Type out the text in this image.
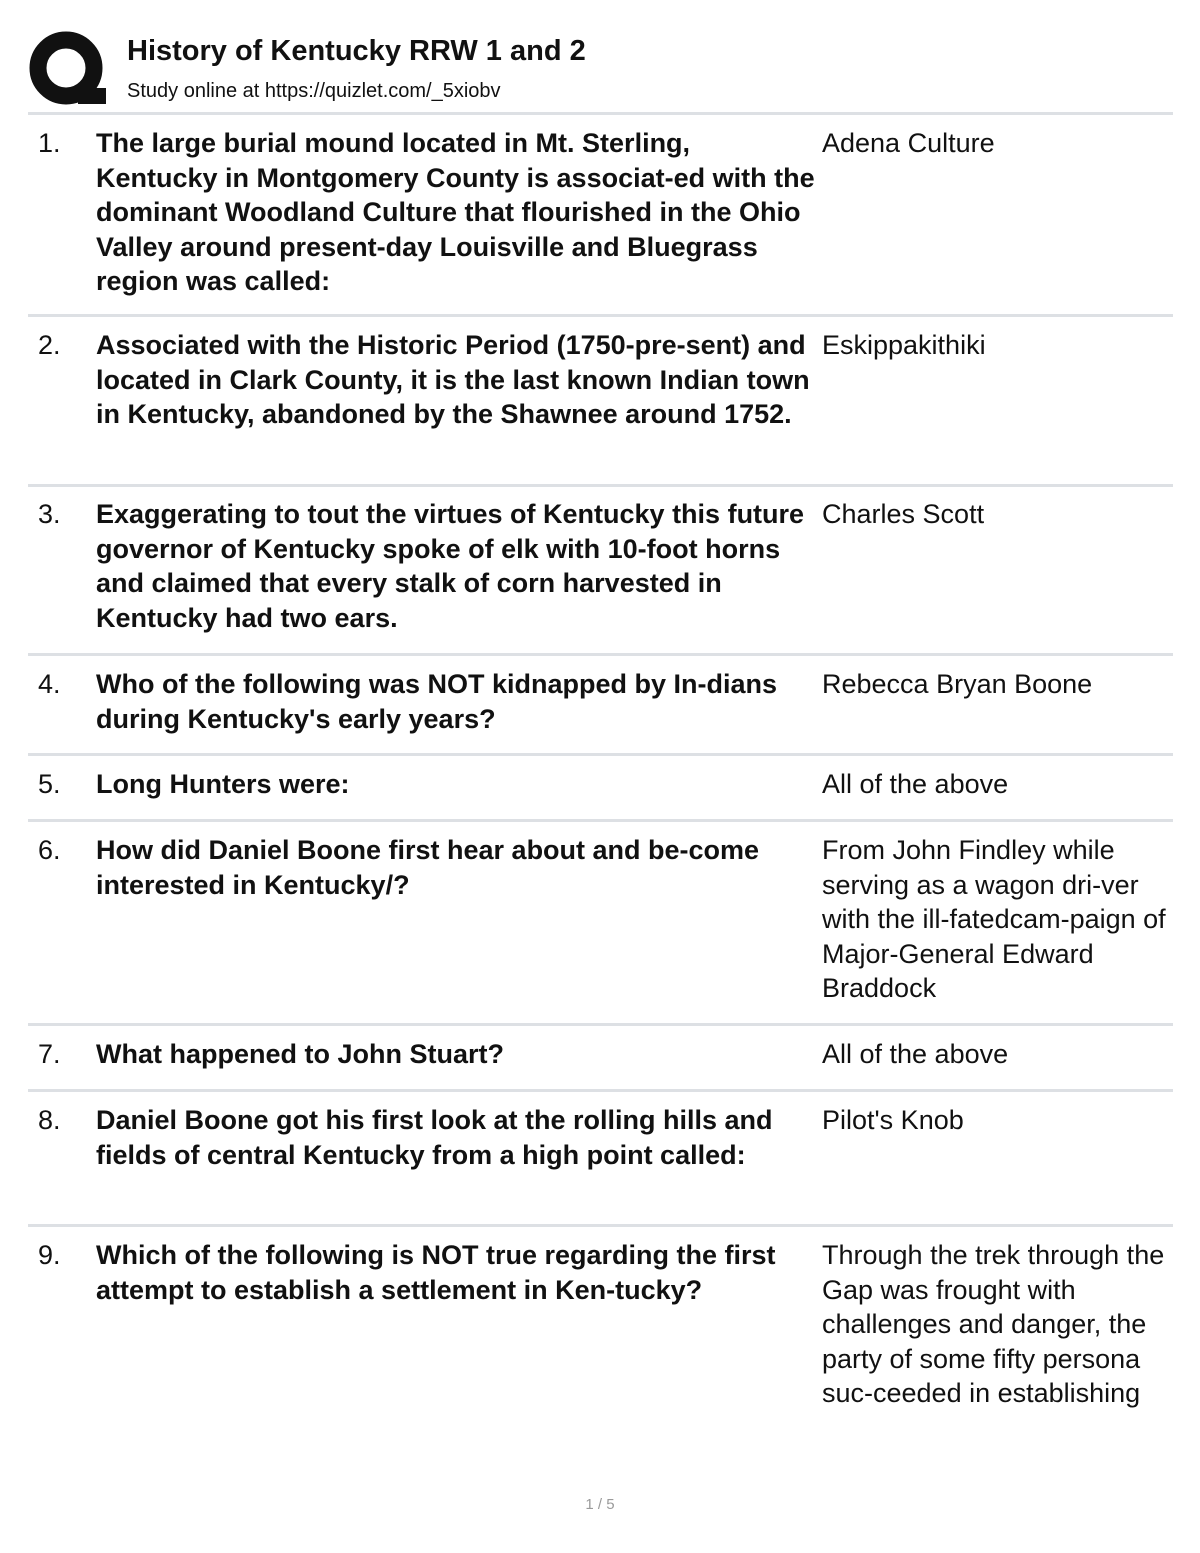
History of Kentucky RRW 1 and 2
Study online at https://quizlet.com/_5xiobv
1. The large burial mound located in Mt. Sterling, Kentucky in Montgomery County is associat-ed with the dominant Woodland Culture that flourished in the Ohio Valley around present-day Louisville and Bluegrass region was called:
Adena Culture
2. Associated with the Historic Period (1750-pre-sent) and located in Clark County, it is the last known Indian town in Kentucky, abandoned by the Shawnee around 1752.
Eskippakithiki
3. Exaggerating to tout the virtues of Kentucky this future governor of Kentucky spoke of elk with 10-foot horns and claimed that every stalk of corn harvested in Kentucky had two ears.
Charles Scott
4. Who of the following was NOT kidnapped by In-dians during Kentucky's early years?
Rebecca Bryan Boone
5. Long Hunters were:	All of the above
6. How did Daniel Boone first hear about and be-come interested in Kentucky/?
From John Findley while serving as a wagon dri-ver with the ill-fatedcam-paign of Major-General Edward Braddock
7. What happened to John Stuart?	All of the above
8. Daniel Boone got his first look at the rolling hills and fields of central Kentucky from a high point called:
Pilot's Knob
9. Which of the following is NOT true regarding the first attempt to establish a settlement in Ken-tucky?
Through the trek through the Gap was frought with challenges and danger, the party of some fifty persona suc-ceeded in establishing
1 / 5
